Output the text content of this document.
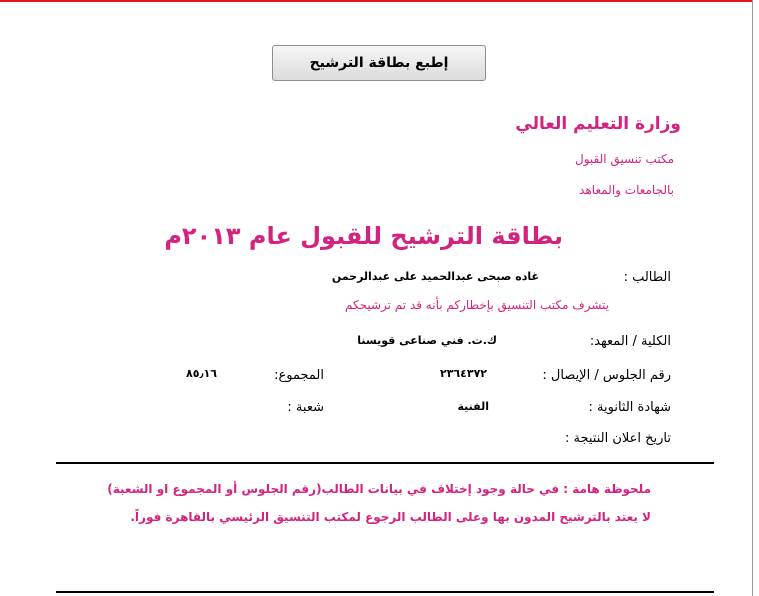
إطبع بطاقة الترشيح
وزارة التعليم العالي
مكتب تنسيق القبول
بالجامعات والمعاهد
بطاقة الترشيح للقبول عام ٢٠١٣م
الطالب :
غاده صبحى عبدالحميد على عبدالرحمن
يتشرف مكتب التنسيق بإخطاركم بأنه قد تم ترشيحكم
الكلية / المعهد:
ك.ت. فني صناعى قويسنا
رقم الجلوس / الإيصال :
٢٣٦٤٣٧٢
المجموع:
٨٥٫١٦
شهادة الثانوية :
الفنية
شعبة :
تاريخ اعلان النتيجة :
ملحوظة هامة : في حالة وجود إختلاف في بيانات الطالب(رقم الجلوس أو المجموع او الشعبة)
لا يعتد بالترشيح المدون بها وعلى الطالب الرجوع لمكتب التنسيق الرئيسي بالقاهرة فوراً.
